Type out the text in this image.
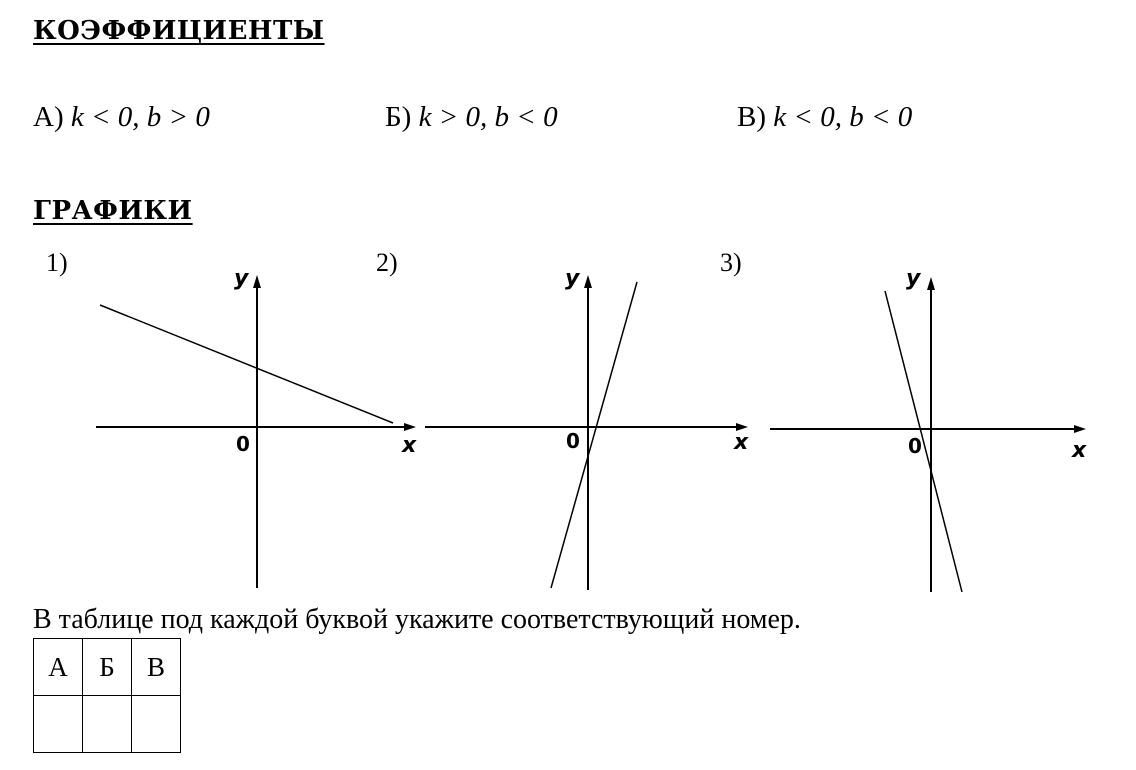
КОЭФФИЦИЕНТЫ
А) k < 0, b > 0	Б) k > 0, b < 0	В) k < 0, b < 0
ГРАФИКИ
1)	2)	3)
y
x
0
y
x
0
y
x
0
В таблице под каждой буквой укажите соответствующий номер.
А	Б	В
